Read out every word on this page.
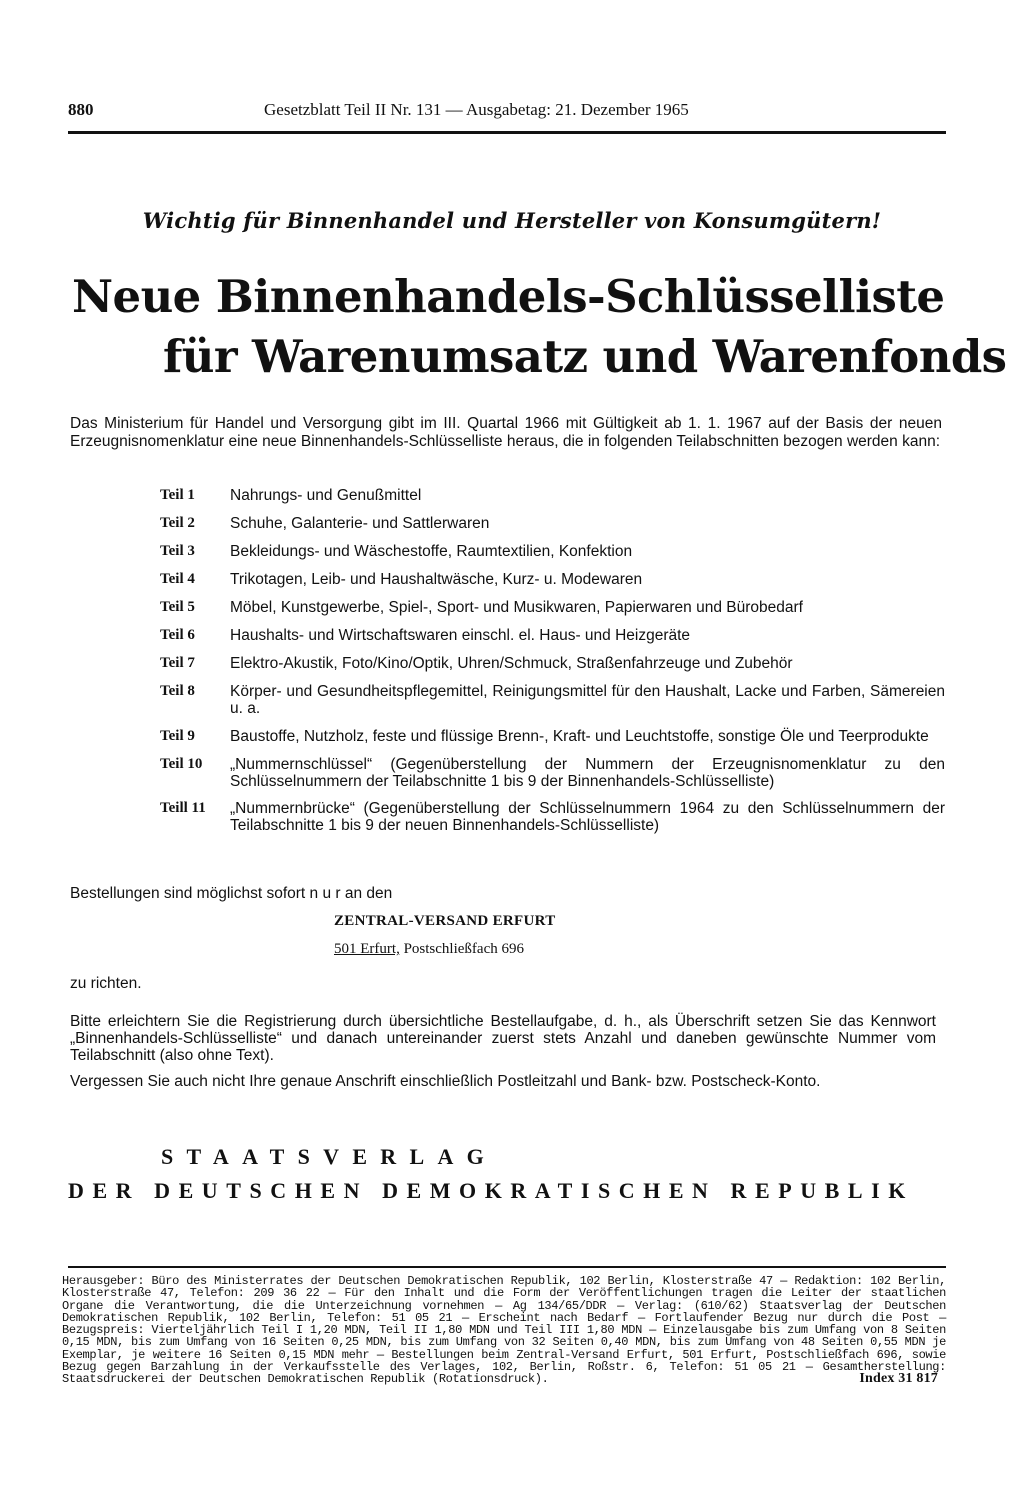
880	Gesetzblatt Teil II Nr. 131 — Ausgabetag: 21. Dezember 1965
Wichtig für Binnenhandel und Hersteller von Konsumgütern!
Neue Binnenhandels-Schlüsselliste
für Warenumsatz und Warenfonds
Das Ministerium für Handel und Versorgung gibt im III. Quartal 1966 mit Gültigkeit ab 1. 1. 1967 auf der Basis der neuen Erzeugnisnomenklatur eine neue Binnenhandels-Schlüsselliste heraus, die in folgenden Teilabschnitten bezogen werden kann:
Teil 1 Nahrungs- und Genußmittel
Teil 2 Schuhe, Galanterie- und Sattlerwaren
Teil 3 Bekleidungs- und Wäschestoffe, Raumtextilien, Konfektion
Teil 4 Trikotagen, Leib- und Haushaltwäsche, Kurz- u. Modewaren
Teil 5 Möbel, Kunstgewerbe, Spiel-, Sport- und Musikwaren, Papierwaren und Bürobedarf
Teil 6 Haushalts- und Wirtschaftswaren einschl. el. Haus- und Heizgeräte
Teil 7 Elektro-Akustik, Foto/Kino/Optik, Uhren/Schmuck, Straßenfahrzeuge und Zubehör
Teil 8 Körper- und Gesundheitspflegemittel, Reinigungsmittel für den Haushalt, Lacke und Farben, Sämereien u. a.
Teil 9 Baustoffe, Nutzholz, feste und flüssige Brenn-, Kraft- und Leuchtstoffe, sonstige Öle und Teerprodukte
Teil 10 „Nummernschlüssel“ (Gegenüberstellung der Nummern der Erzeugnisnomenklatur zu den Schlüsselnummern der Teilabschnitte 1 bis 9 der Binnenhandels-Schlüsselliste)
Teill 11 „Nummernbrücke“ (Gegenüberstellung der Schlüsselnummern 1964 zu den Schlüsselnummern der Teilabschnitte 1 bis 9 der neuen Binnenhandels-Schlüsselliste)
Bestellungen sind möglichst sofort n u r an den
ZENTRAL-VERSAND ERFURT
501 Erfurt, Postschließfach 696
zu richten.
Bitte erleichtern Sie die Registrierung durch übersichtliche Bestellaufgabe, d. h., als Überschrift setzen Sie das Kennwort „Binnenhandels-Schlüsselliste“ und danach untereinander zuerst stets Anzahl und daneben gewünschte Nummer vom Teilabschnitt (also ohne Text).
Vergessen Sie auch nicht Ihre genaue Anschrift einschließlich Postleitzahl und Bank- bzw. Postscheck-Konto.
STAATSVERLAG
DER DEUTSCHEN DEMOKRATISCHEN REPUBLIK
Herausgeber: Büro des Ministerrates der Deutschen Demokratischen Republik, 102 Berlin, Klosterstraße 47 — Redaktion: 102 Berlin, Klosterstraße 47, Telefon: 209 36 22 — Für den Inhalt und die Form der Veröffentlichungen tragen die Leiter der staatlichen Organe die Verantwortung, die die Unterzeichnung vornehmen — Ag 134/65/DDR — Verlag: (610/62) Staatsverlag der Deutschen Demokratischen Republik, 102 Berlin, Telefon: 51 05 21 — Erscheint nach Bedarf — Fortlaufender Bezug nur durch die Post — Bezugspreis: Vierteljährlich Teil I 1,20 MDN, Teil II 1,80 MDN und Teil III 1,80 MDN — Einzelausgabe bis zum Umfang von 8 Seiten 0,15 MDN, bis zum Umfang von 16 Seiten 0,25 MDN, bis zum Umfang von 32 Seiten 0,40 MDN, bis zum Umfang von 48 Seiten 0,55 MDN je Exemplar, je weitere 16 Seiten 0,15 MDN mehr — Bestellungen beim Zentral-Versand Erfurt, 501 Erfurt, Postschließfach 696, sowie Bezug gegen Barzahlung in der Verkaufsstelle des Verlages, 102, Berlin, Roßstr. 6, Telefon: 51 05 21 — Gesamtherstellung: Staatsdruckerei der Deutschen Demokratischen Republik (Rotationsdruck).	Index 31 817
